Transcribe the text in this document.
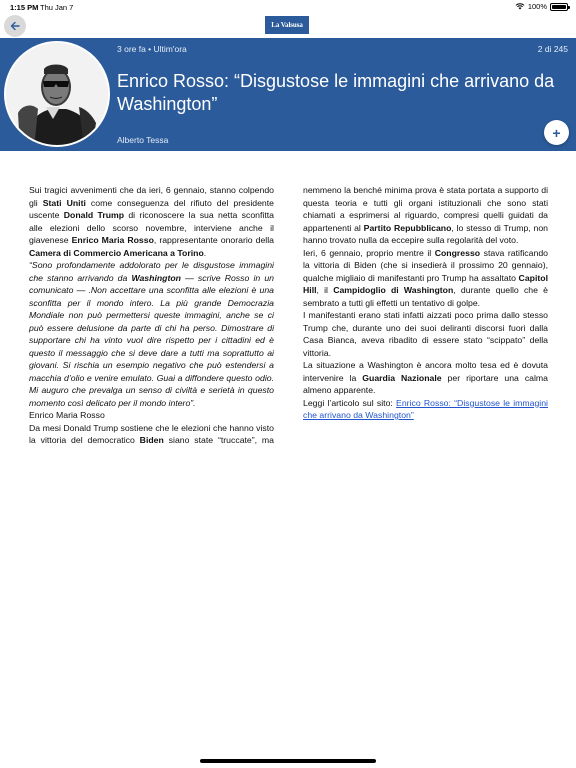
1:15 PM Thu Jan 7	100%
La Valsusa
3 ore fa • Ultim'ora	2 di 245
Enrico Rosso: “Disgustose le immagini che arrivano da Washington”
Alberto Tessa	+

Sui tragici avvenimenti che da ieri, 6 gennaio, stanno colpendo gli Stati Uniti come conseguenza del rifiuto del presidente uscente Donald Trump di riconoscere la sua netta sconfitta alle elezioni dello scorso novembre, interviene anche il giavenese Enrico Maria Rosso, rappresentante onorario della Camera di Commercio Americana a Torino.

“Sono profondamente addolorato per le disgustose immagini che stanno arrivando da Washington — scrive Rosso in un comunicato — .Non accettare una sconfitta alle elezioni è una sconfitta per il mondo intero. La più grande Democrazia Mondiale non può permettersi queste immagini, anche se ci può essere delusione da parte di chi ha perso. Dimostrare di supportare chi ha vinto vuol dire rispetto per i cittadini ed è questo il messaggio che si deve dare a tutti ma soprattutto ai giovani. Si rischia un esempio negativo che può estendersi a macchia d’olio e venire emulato. Guai a diffondere questo odio. Mi auguro che prevalga un senso di civiltà e serietà in questo momento così delicato per il mondo intero”.

Enrico Maria Rosso

Da mesi Donald Trump sostiene che le elezioni che hanno visto la vittoria del democratico Biden siano state “truccate”, ma nemmeno la benché minima prova è stata portata a supporto di questa teoria e tutti gli organi istituzionali che sono stati chiamati a esprimersi al riguardo, compresi quelli guidati da appartenenti al Partito Repubblicano, lo stesso di Trump, non hanno trovato nulla da eccepire sulla regolarità del voto.

Ieri, 6 gennaio, proprio mentre il Congresso stava ratificando la vittoria di Biden (che si insedierà il prossimo 20 gennaio), qualche migliaio di manifestanti pro Trump ha assaltato Capitol Hill, il Campidoglio di Washington, durante quello che è sembrato a tutti gli effetti un tentativo di golpe.

I manifestanti erano stati infatti aizzati poco prima dallo stesso Trump che, durante uno dei suoi deliranti discorsi fuori dalla Casa Bianca, aveva ribadito di essere stato “scippato” della vittoria.

La situazione a Washington è ancora molto tesa ed è dovuta intervenire la Guardia Nazionale per riportare una calma almeno apparente.

Leggi l’articolo sul sito: Enrico Rosso: “Disgustose le immagini che arrivano da Washington”
